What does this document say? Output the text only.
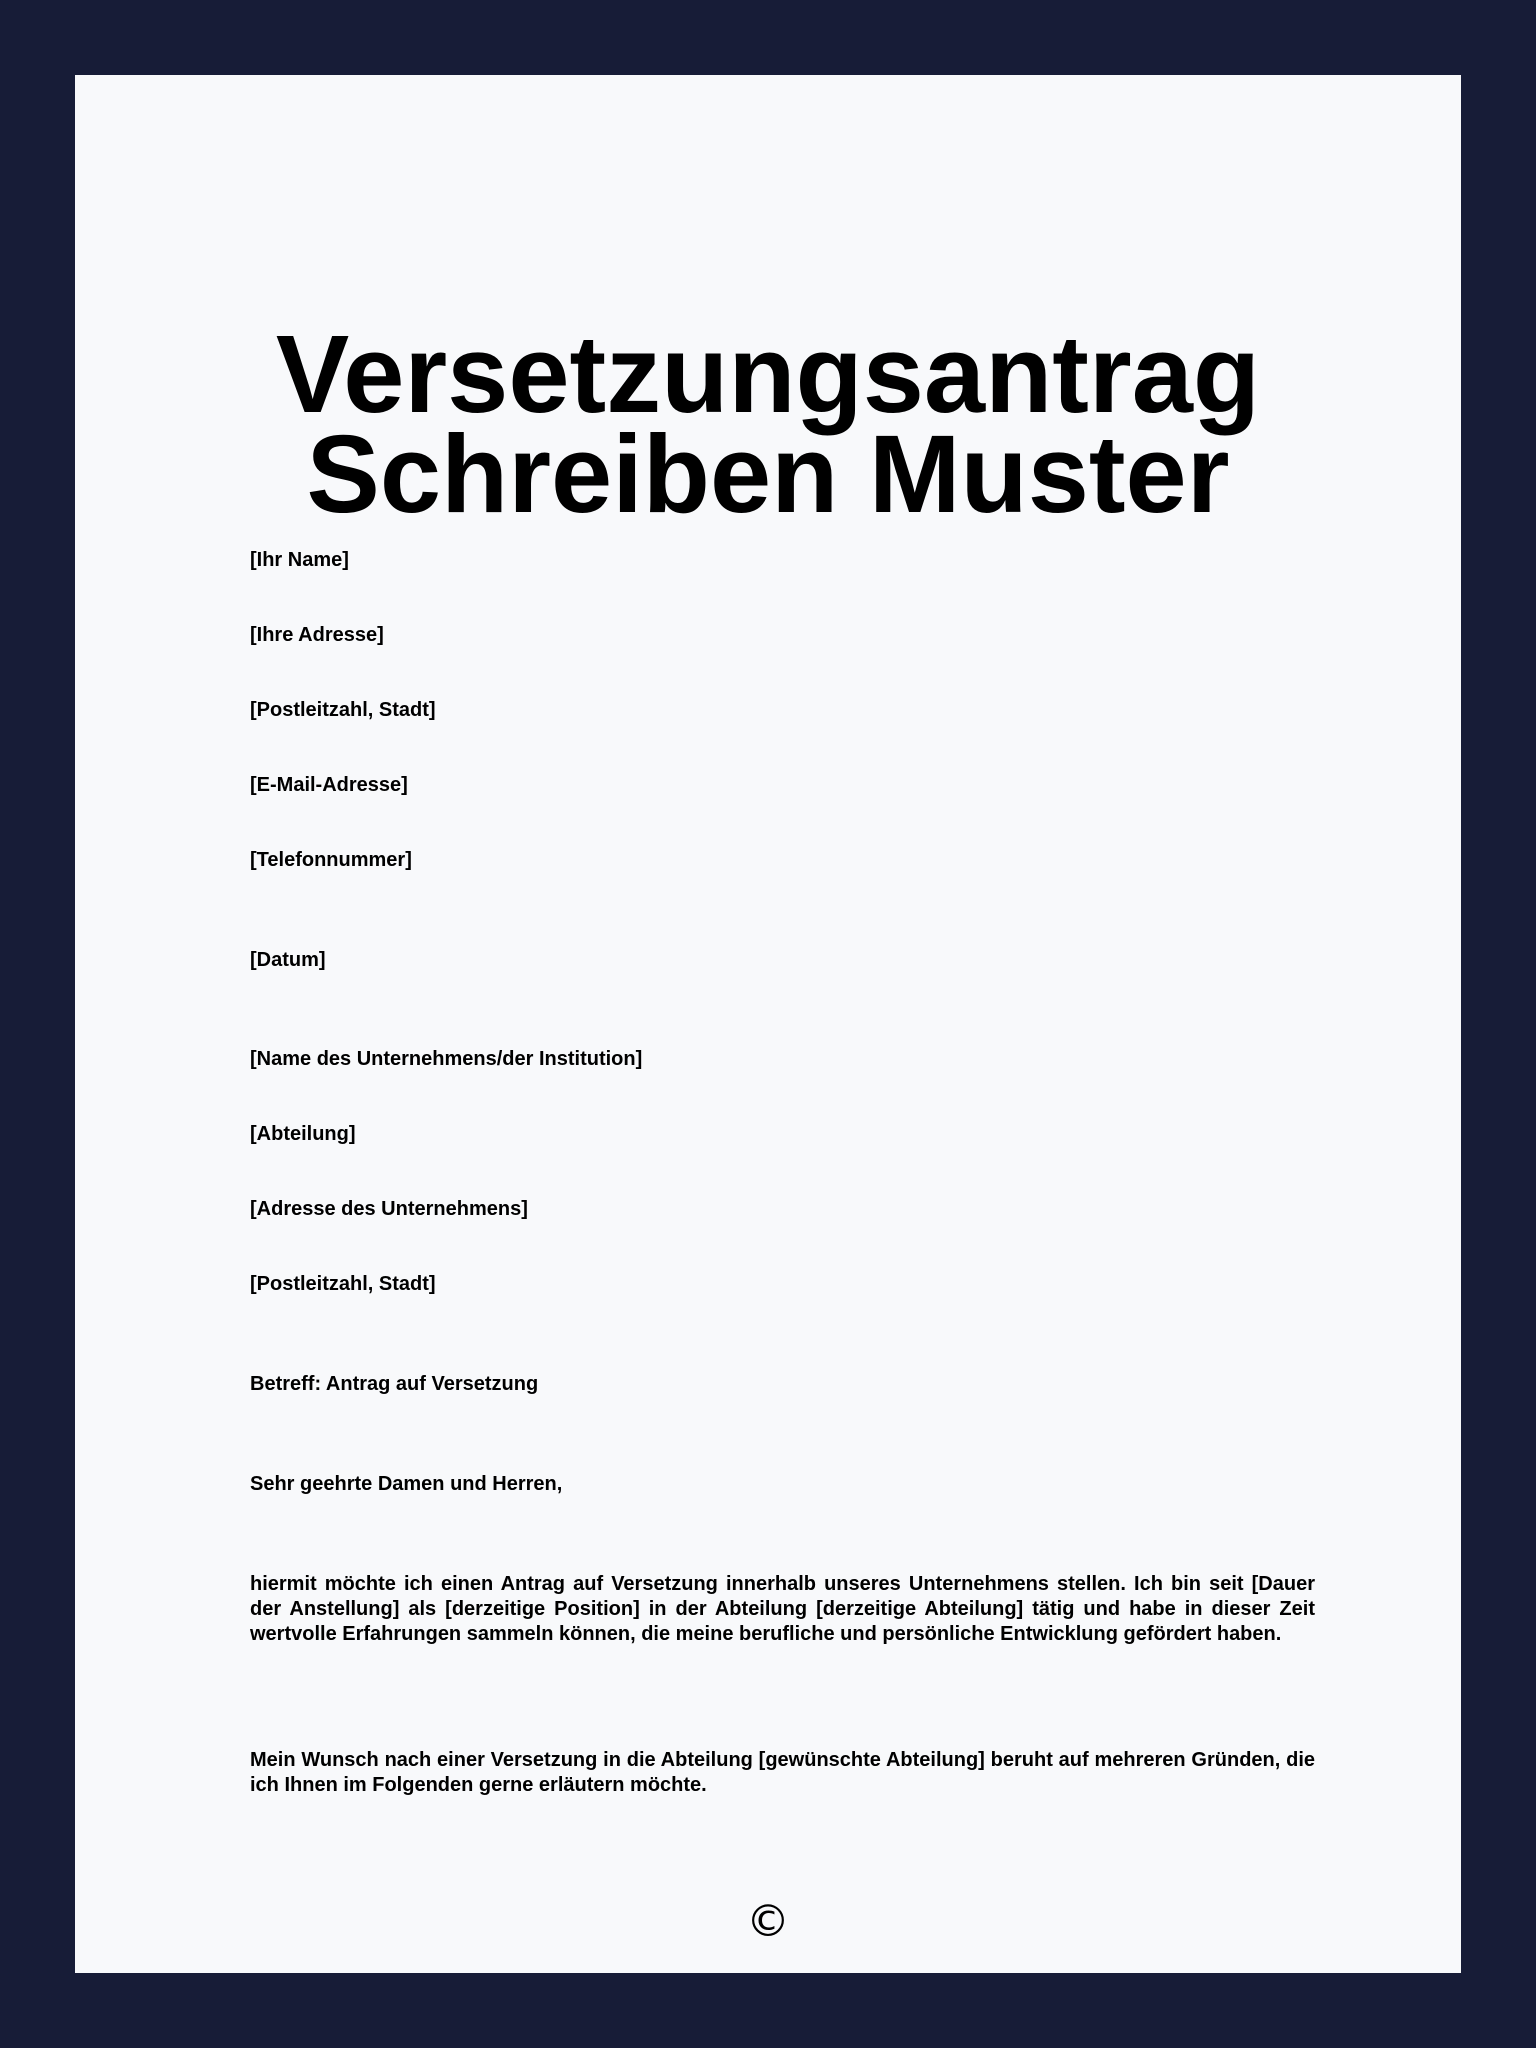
Versetzungsantrag
Schreiben Muster

[Ihr Name]

[Ihre Adresse]

[Postleitzahl, Stadt]

[E-Mail-Adresse]

[Telefonnummer]

[Datum]

[Name des Unternehmens/der Institution]

[Abteilung]

[Adresse des Unternehmens]

[Postleitzahl, Stadt]

Betreff: Antrag auf Versetzung

Sehr geehrte Damen und Herren,

hiermit möchte ich einen Antrag auf Versetzung innerhalb unseres Unternehmens stellen. Ich bin seit [Dauer der Anstellung] als [derzeitige Position] in der Abteilung [derzeitige Abteilung] tätig und habe in dieser Zeit wertvolle Erfahrungen sammeln können, die meine berufliche und persönliche Entwicklung gefördert haben.

Mein Wunsch nach einer Versetzung in die Abteilung [gewünschte Abteilung] beruht auf mehreren Gründen, die ich Ihnen im Folgenden gerne erläutern möchte.

©
